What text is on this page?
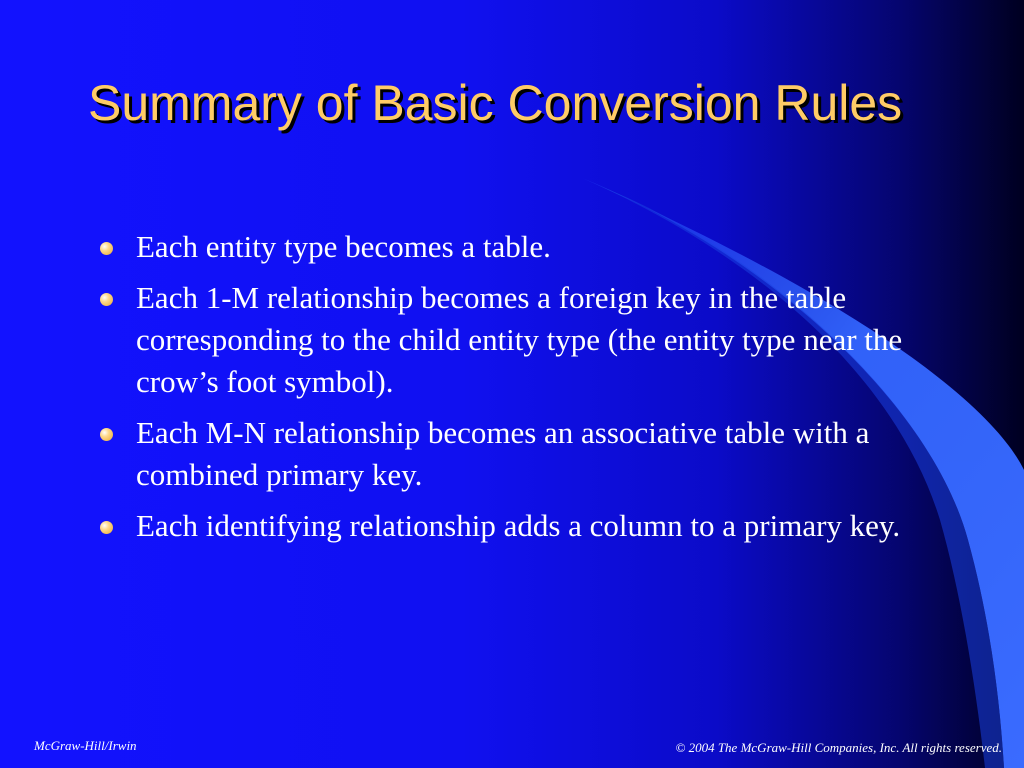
Summary of Basic Conversion Rules
Each entity type becomes a table.
Each 1-M relationship becomes a foreign key in the table corresponding to the child entity type (the entity type near the crow’s foot symbol).
Each M-N relationship becomes an associative table with a combined primary key.
Each identifying relationship adds a column to a primary key.
McGraw-Hill/Irwin	© 2004 The McGraw-Hill Companies, Inc. All rights reserved.
